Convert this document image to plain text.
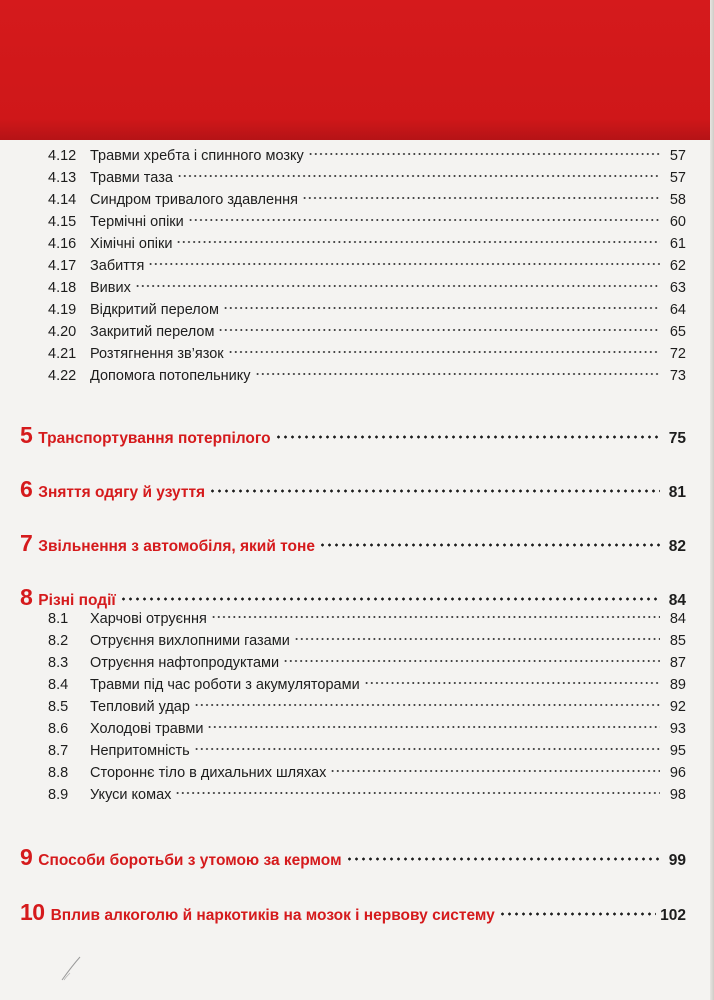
4.12 Травми хребта і спинного мозку	57
4.13 Травми таза	57
4.14 Синдром тривалого здавлення	58
4.15 Термічні опіки	60
4.16 Хімічні опіки	61
4.17 Забиття	62
4.18 Вивих	63
4.19 Відкритий перелом	64
4.20 Закритий перелом	65
4.21 Розтягнення зв’язок	72
4.22 Допомога потопельнику	73
5 Транспортування потерпілого	75
6 Зняття одягу й узуття	81
7 Звільнення з автомобіля, який тоне	82
8 Різні події	84
8.1	Харчові отруєння	84
8.2	Отруєння вихлопними газами	85
8.3	Отруєння нафтопродуктами	87
8.4	Травми під час роботи з акумуляторами	89
8.5	Тепловий удар	92
8.6	Холодові травми	93
8.7	Непритомність	95
8.8	Стороннє тіло в дихальних шляхах	96
8.9	Укуси комах	98
9 Способи боротьби з утомою за кермом	99
10 Вплив алкоголю й наркотиків на мозок і нервову систему	102
